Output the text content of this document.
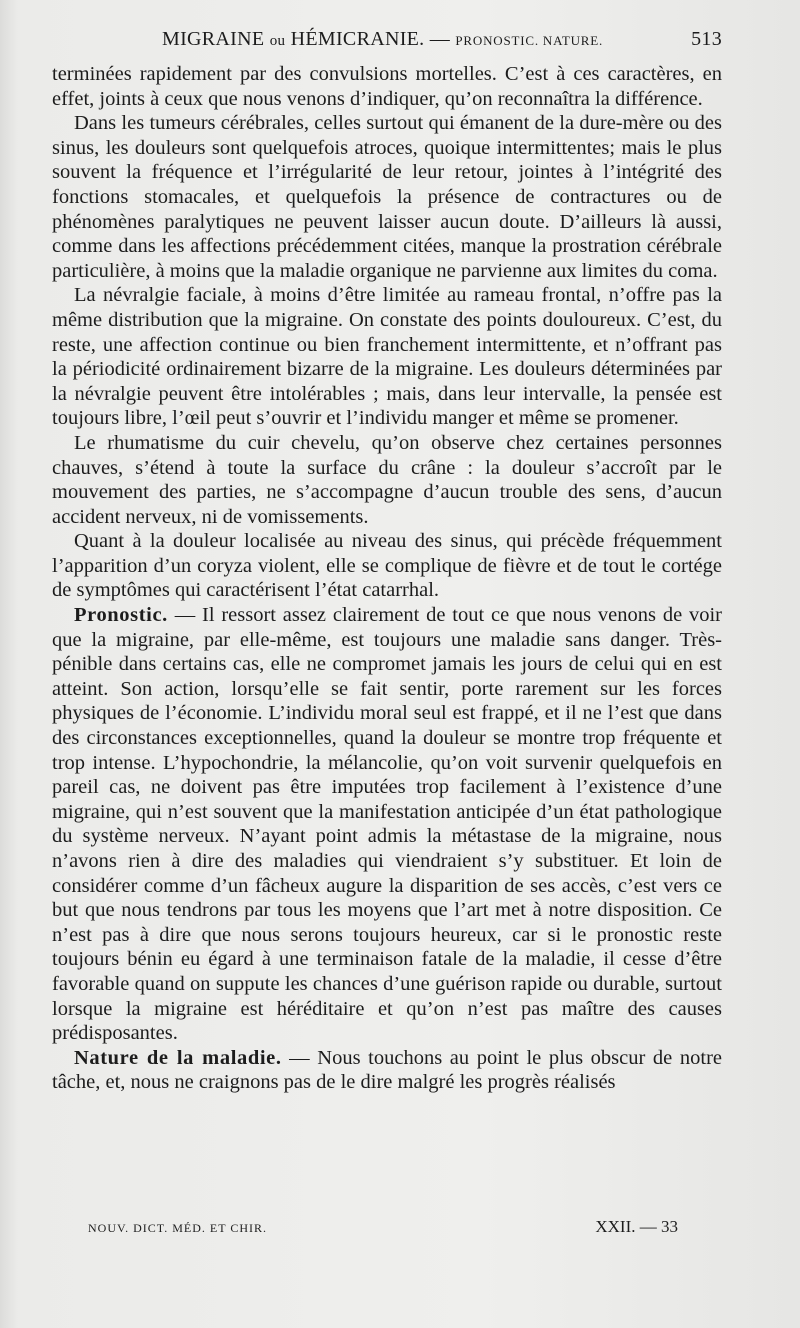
MIGRAINE ou HÉMICRANIE. — PRONOSTIC. NATURE.	513

terminées rapidement par des convulsions mortelles. C’est à ces caractères, en effet, joints à ceux que nous venons d’indiquer, qu’on reconnaîtra la différence.

Dans les tumeurs cérébrales, celles surtout qui émanent de la dure-mère ou des sinus, les douleurs sont quelquefois atroces, quoique intermittentes; mais le plus souvent la fréquence et l’irrégularité de leur retour, jointes à l’intégrité des fonctions stomacales, et quelquefois la présence de contractures ou de phénomènes paralytiques ne peuvent laisser aucun doute. D’ailleurs là aussi, comme dans les affections précédemment citées, manque la prostration cérébrale particulière, à moins que la maladie organique ne parvienne aux limites du coma.

La névralgie faciale, à moins d’être limitée au rameau frontal, n’offre pas la même distribution que la migraine. On constate des points douloureux. C’est, du reste, une affection continue ou bien franchement intermittente, et n’offrant pas la périodicité ordinairement bizarre de la migraine. Les douleurs déterminées par la névralgie peuvent être intolérables ; mais, dans leur intervalle, la pensée est toujours libre, l’œil peut s’ouvrir et l’individu manger et même se promener.

Le rhumatisme du cuir chevelu, qu’on observe chez certaines personnes chauves, s’étend à toute la surface du crâne : la douleur s’accroît par le mouvement des parties, ne s’accompagne d’aucun trouble des sens, d’aucun accident nerveux, ni de vomissements.

Quant à la douleur localisée au niveau des sinus, qui précède fréquemment l’apparition d’un coryza violent, elle se complique de fièvre et de tout le cortége de symptômes qui caractérisent l’état catarrhal.

Pronostic. — Il ressort assez clairement de tout ce que nous venons de voir que la migraine, par elle-même, est toujours une maladie sans danger. Très-pénible dans certains cas, elle ne compromet jamais les jours de celui qui en est atteint. Son action, lorsqu’elle se fait sentir, porte rarement sur les forces physiques de l’économie. L’individu moral seul est frappé, et il ne l’est que dans des circonstances exceptionnelles, quand la douleur se montre trop fréquente et trop intense. L’hypochondrie, la mélancolie, qu’on voit survenir quelquefois en pareil cas, ne doivent pas être imputées trop facilement à l’existence d’une migraine, qui n’est souvent que la manifestation anticipée d’un état pathologique du système nerveux. N’ayant point admis la métastase de la migraine, nous n’avons rien à dire des maladies qui viendraient s’y substituer. Et loin de considérer comme d’un fâcheux augure la disparition de ses accès, c’est vers ce but que nous tendrons par tous les moyens que l’art met à notre disposition. Ce n’est pas à dire que nous serons toujours heureux, car si le pronostic reste toujours bénin eu égard à une terminaison fatale de la maladie, il cesse d’être favorable quand on suppute les chances d’une guérison rapide ou durable, surtout lorsque la migraine est héréditaire et qu’on n’est pas maître des causes prédisposantes.

Nature de la maladie. — Nous touchons au point le plus obscur de notre tâche, et, nous ne craignons pas de le dire malgré les progrès réalisés

NOUV. DICT. MÉD. ET CHIR.	XXII. — 33
